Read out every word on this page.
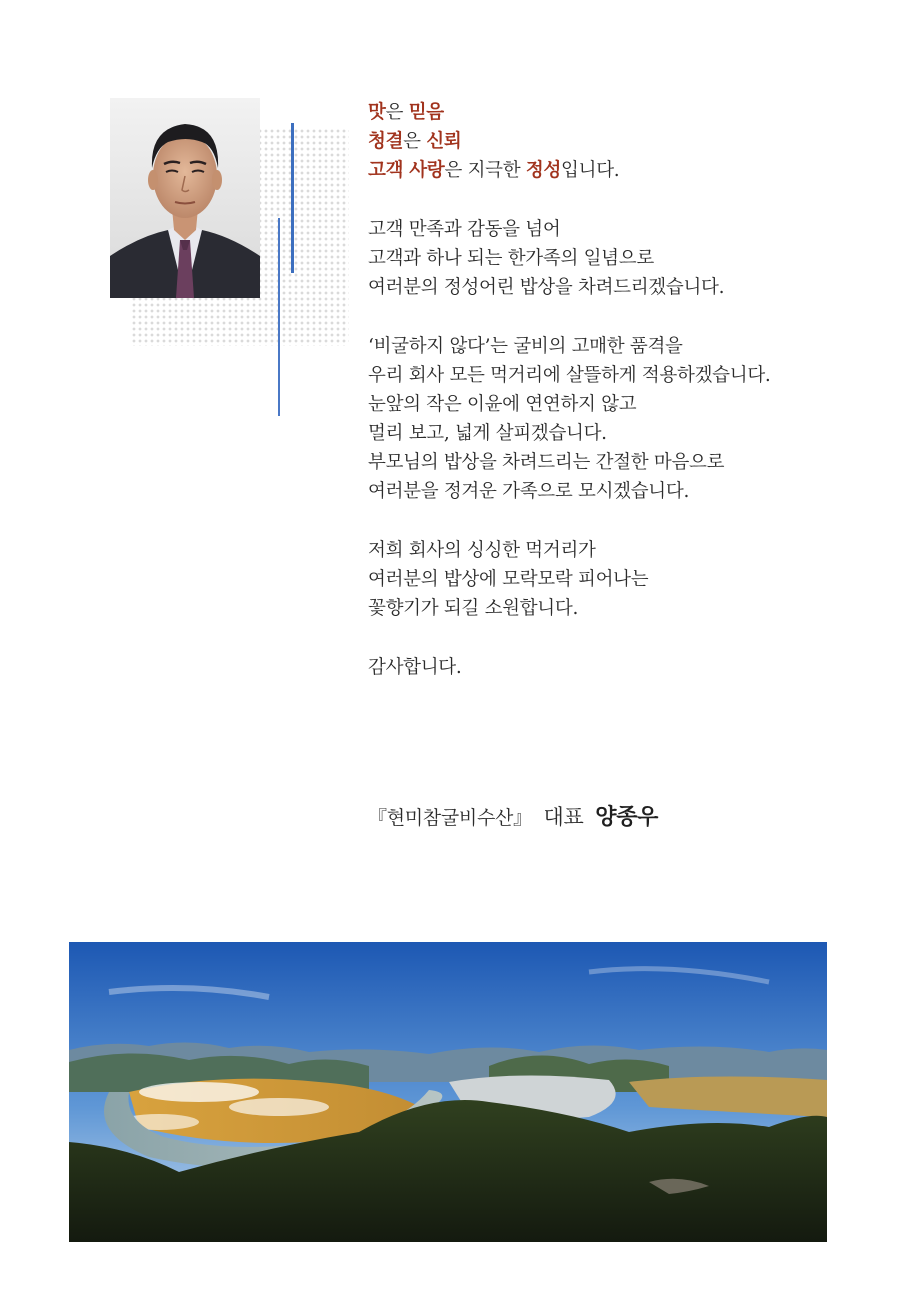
맛은 믿음
청결은 신뢰
고객 사랑은 지극한 정성입니다.
고객 만족과 감동을 넘어
고객과 하나 되는 한가족의 일념으로
여러분의 정성어린 밥상을 차려드리겠습니다.
‘비굴하지 않다’는 굴비의 고매한 품격을
우리 회사 모든 먹거리에 살뜰하게 적용하겠습니다.
눈앞의 작은 이윤에 연연하지 않고
멀리 보고, 넓게 살피겠습니다.
부모님의 밥상을 차려드리는 간절한 마음으로
여러분을 정겨운 가족으로 모시겠습니다.
저희 회사의 싱싱한 먹거리가
여러분의 밥상에 모락모락 피어나는
꽃향기가 되길 소원합니다.
감사합니다.
『현미참굴비수산』 대표 양종우
